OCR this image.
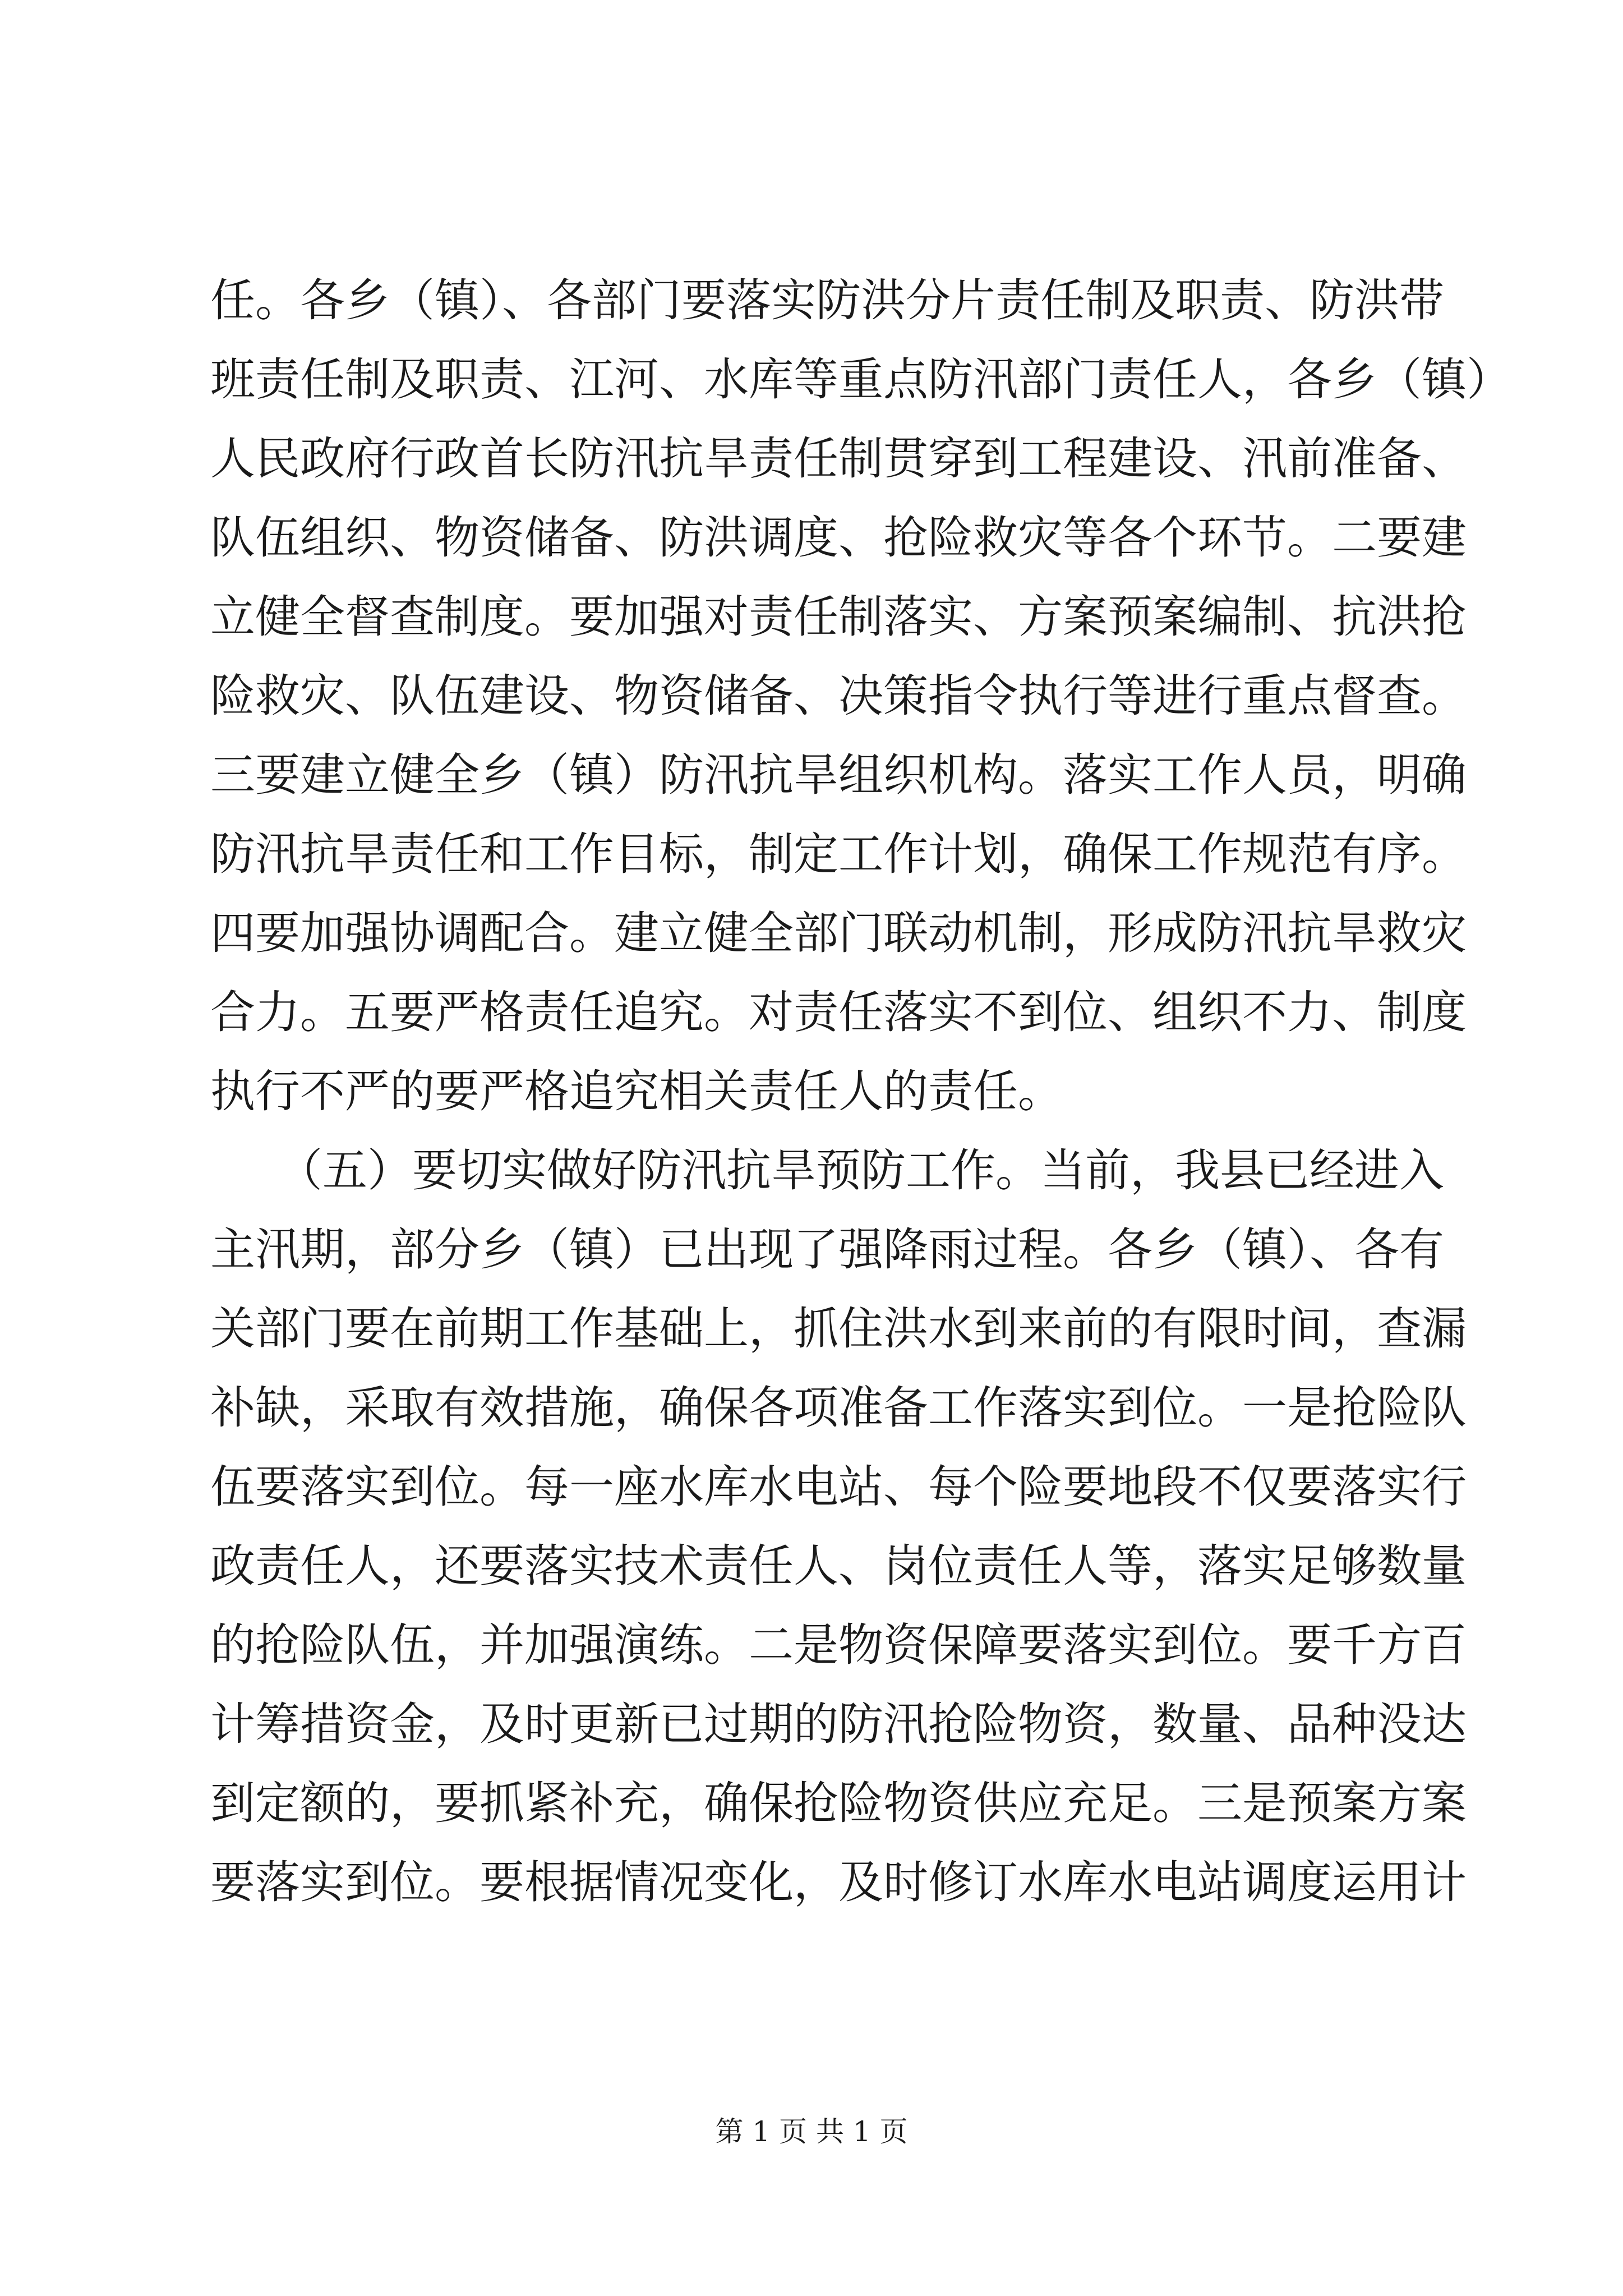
任。各乡（镇）、各部门要落实防洪分片责任制及职责、防洪带
班责任制及职责、江河、水库等重点防汛部门责任人，各乡（镇）
人民政府行政首长防汛抗旱责任制贯穿到工程建设、汛前准备、
队伍组织、物资储备、防洪调度、抢险救灾等各个环节。二要建
立健全督查制度。要加强对责任制落实、方案预案编制、抗洪抢
险救灾、队伍建设、物资储备、决策指令执行等进行重点督查。
三要建立健全乡（镇）防汛抗旱组织机构。落实工作人员，明确
防汛抗旱责任和工作目标，制定工作计划，确保工作规范有序。
四要加强协调配合。建立健全部门联动机制，形成防汛抗旱救灾
合力。五要严格责任追究。对责任落实不到位、组织不力、制度
执行不严的要严格追究相关责任人的责任。
　　（五）要切实做好防汛抗旱预防工作。当前，我县已经进入
主汛期，部分乡（镇）已出现了强降雨过程。各乡（镇）、各有
关部门要在前期工作基础上，抓住洪水到来前的有限时间，查漏
补缺，采取有效措施，确保各项准备工作落实到位。一是抢险队
伍要落实到位。每一座水库水电站、每个险要地段不仅要落实行
政责任人，还要落实技术责任人、岗位责任人等，落实足够数量
的抢险队伍，并加强演练。二是物资保障要落实到位。要千方百
计筹措资金，及时更新已过期的防汛抢险物资，数量、品种没达
到定额的，要抓紧补充，确保抢险物资供应充足。三是预案方案
要落实到位。要根据情况变化，及时修订水库水电站调度运用计
第 1 页 共 1 页
